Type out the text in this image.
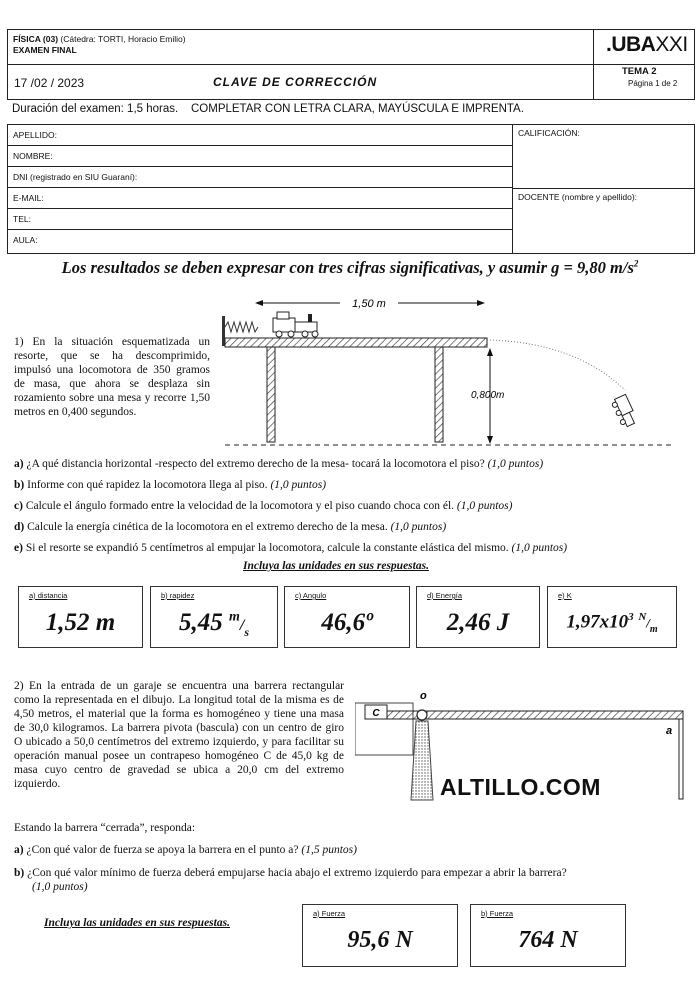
FÍSICA (03) (Cátedra: TORTI, Horacio Emilio)
EXAMEN FINAL	.UBAXXI
17 /02 / 2023	CLAVE DE CORRECCIÓN
TEMA 2
Página 1 de 2
Duración del examen: 1,5 horas.    COMPLETAR CON LETRA CLARA, MAYÚSCULA E IMPRENTA.
APELLIDO:
NOMBRE:
DNI (registrado en SIU Guaraní):
E-MAIL:
TEL:
AULA:
CALIFICACIÓN:
DOCENTE (nombre y apellido):
Los resultados se deben expresar con tres cifras significativas, y asumir g = 9,80 $m/s^2$
1) En la situación esquematizada un resorte, que se ha descomprimido, impulsó una locomotora de 350 gramos de masa, que ahora se desplaza sin rozamiento sobre una mesa y recorre 1,50 metros en 0,400 segundos.
1,50 m
0,800m
a) ¿A qué distancia horizontal -respecto del extremo derecho de la mesa- tocará la locomotora el piso? (1,0 puntos)
b) Informe con qué rapidez la locomotora llega al piso. (1,0 puntos)
c) Calcule el ángulo formado entre la velocidad de la locomotora y el piso cuando choca con él. (1,0 puntos)
d) Calcule la energía cinética de la locomotora en el extremo derecho de la mesa. (1,0 puntos)
e) Si el resorte se expandió 5 centímetros al empujar la locomotora, calcule la constante elástica del mismo. (1,0 puntos)
Incluya las unidades en sus respuestas.
a) distancia
1,52 m
b) rapidez
5,45 $^m/_s$
c) Angulo
46,6º
d) Energía
2,46 J
e) K
$1,97x10^3$ $^N/_m$
2) En la entrada de un garaje se encuentra una barrera rectangular como la representada en el dibujo. La longitud total de la misma es de 4,50 metros, el material que la forma es homogéneo y tiene una masa de 30,0 kilogramos. La barrera pivota (bascula) con un centro de giro O ubicado a 50,0 centímetros del extremo izquierdo, y para facilitar su operación manual posee un contrapeso homogéneo C de 45,0 kg de masa cuyo centro de gravedad se ubica a 20,0 cm del extremo izquierdo.
Estando la barrera “cerrada”, responda:
o
C
a
ALTILLO.COM
a) ¿Con qué valor de fuerza se apoya la barrera en el punto a? (1,5 puntos)
b) ¿Con qué valor mínimo de fuerza deberá empujarse hacia abajo el extremo izquierdo para empezar a abrir la barrera?
(1,0 puntos)
Incluya las unidades en sus respuestas.
a) Fuerza
95,6 N
b) Fuerza
764 N
